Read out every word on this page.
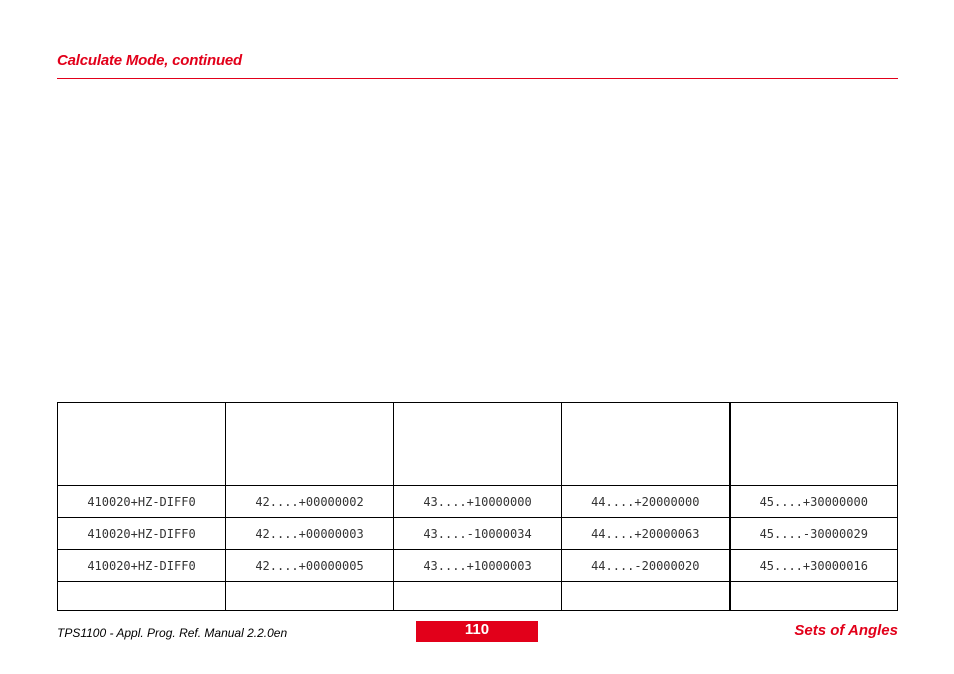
Calculate Mode, continued

410020+HZ-DIFF0	42....+00000002	43....+10000000	44....+20000000	45....+30000000
410020+HZ-DIFF0	42....+00000003	43....-10000034	44....+20000063	45....-30000029
410020+HZ-DIFF0	42....+00000005	43....+10000003	44....-20000020	45....+30000016

TPS1100 - Appl. Prog. Ref. Manual 2.2.0en	110	Sets of Angles
